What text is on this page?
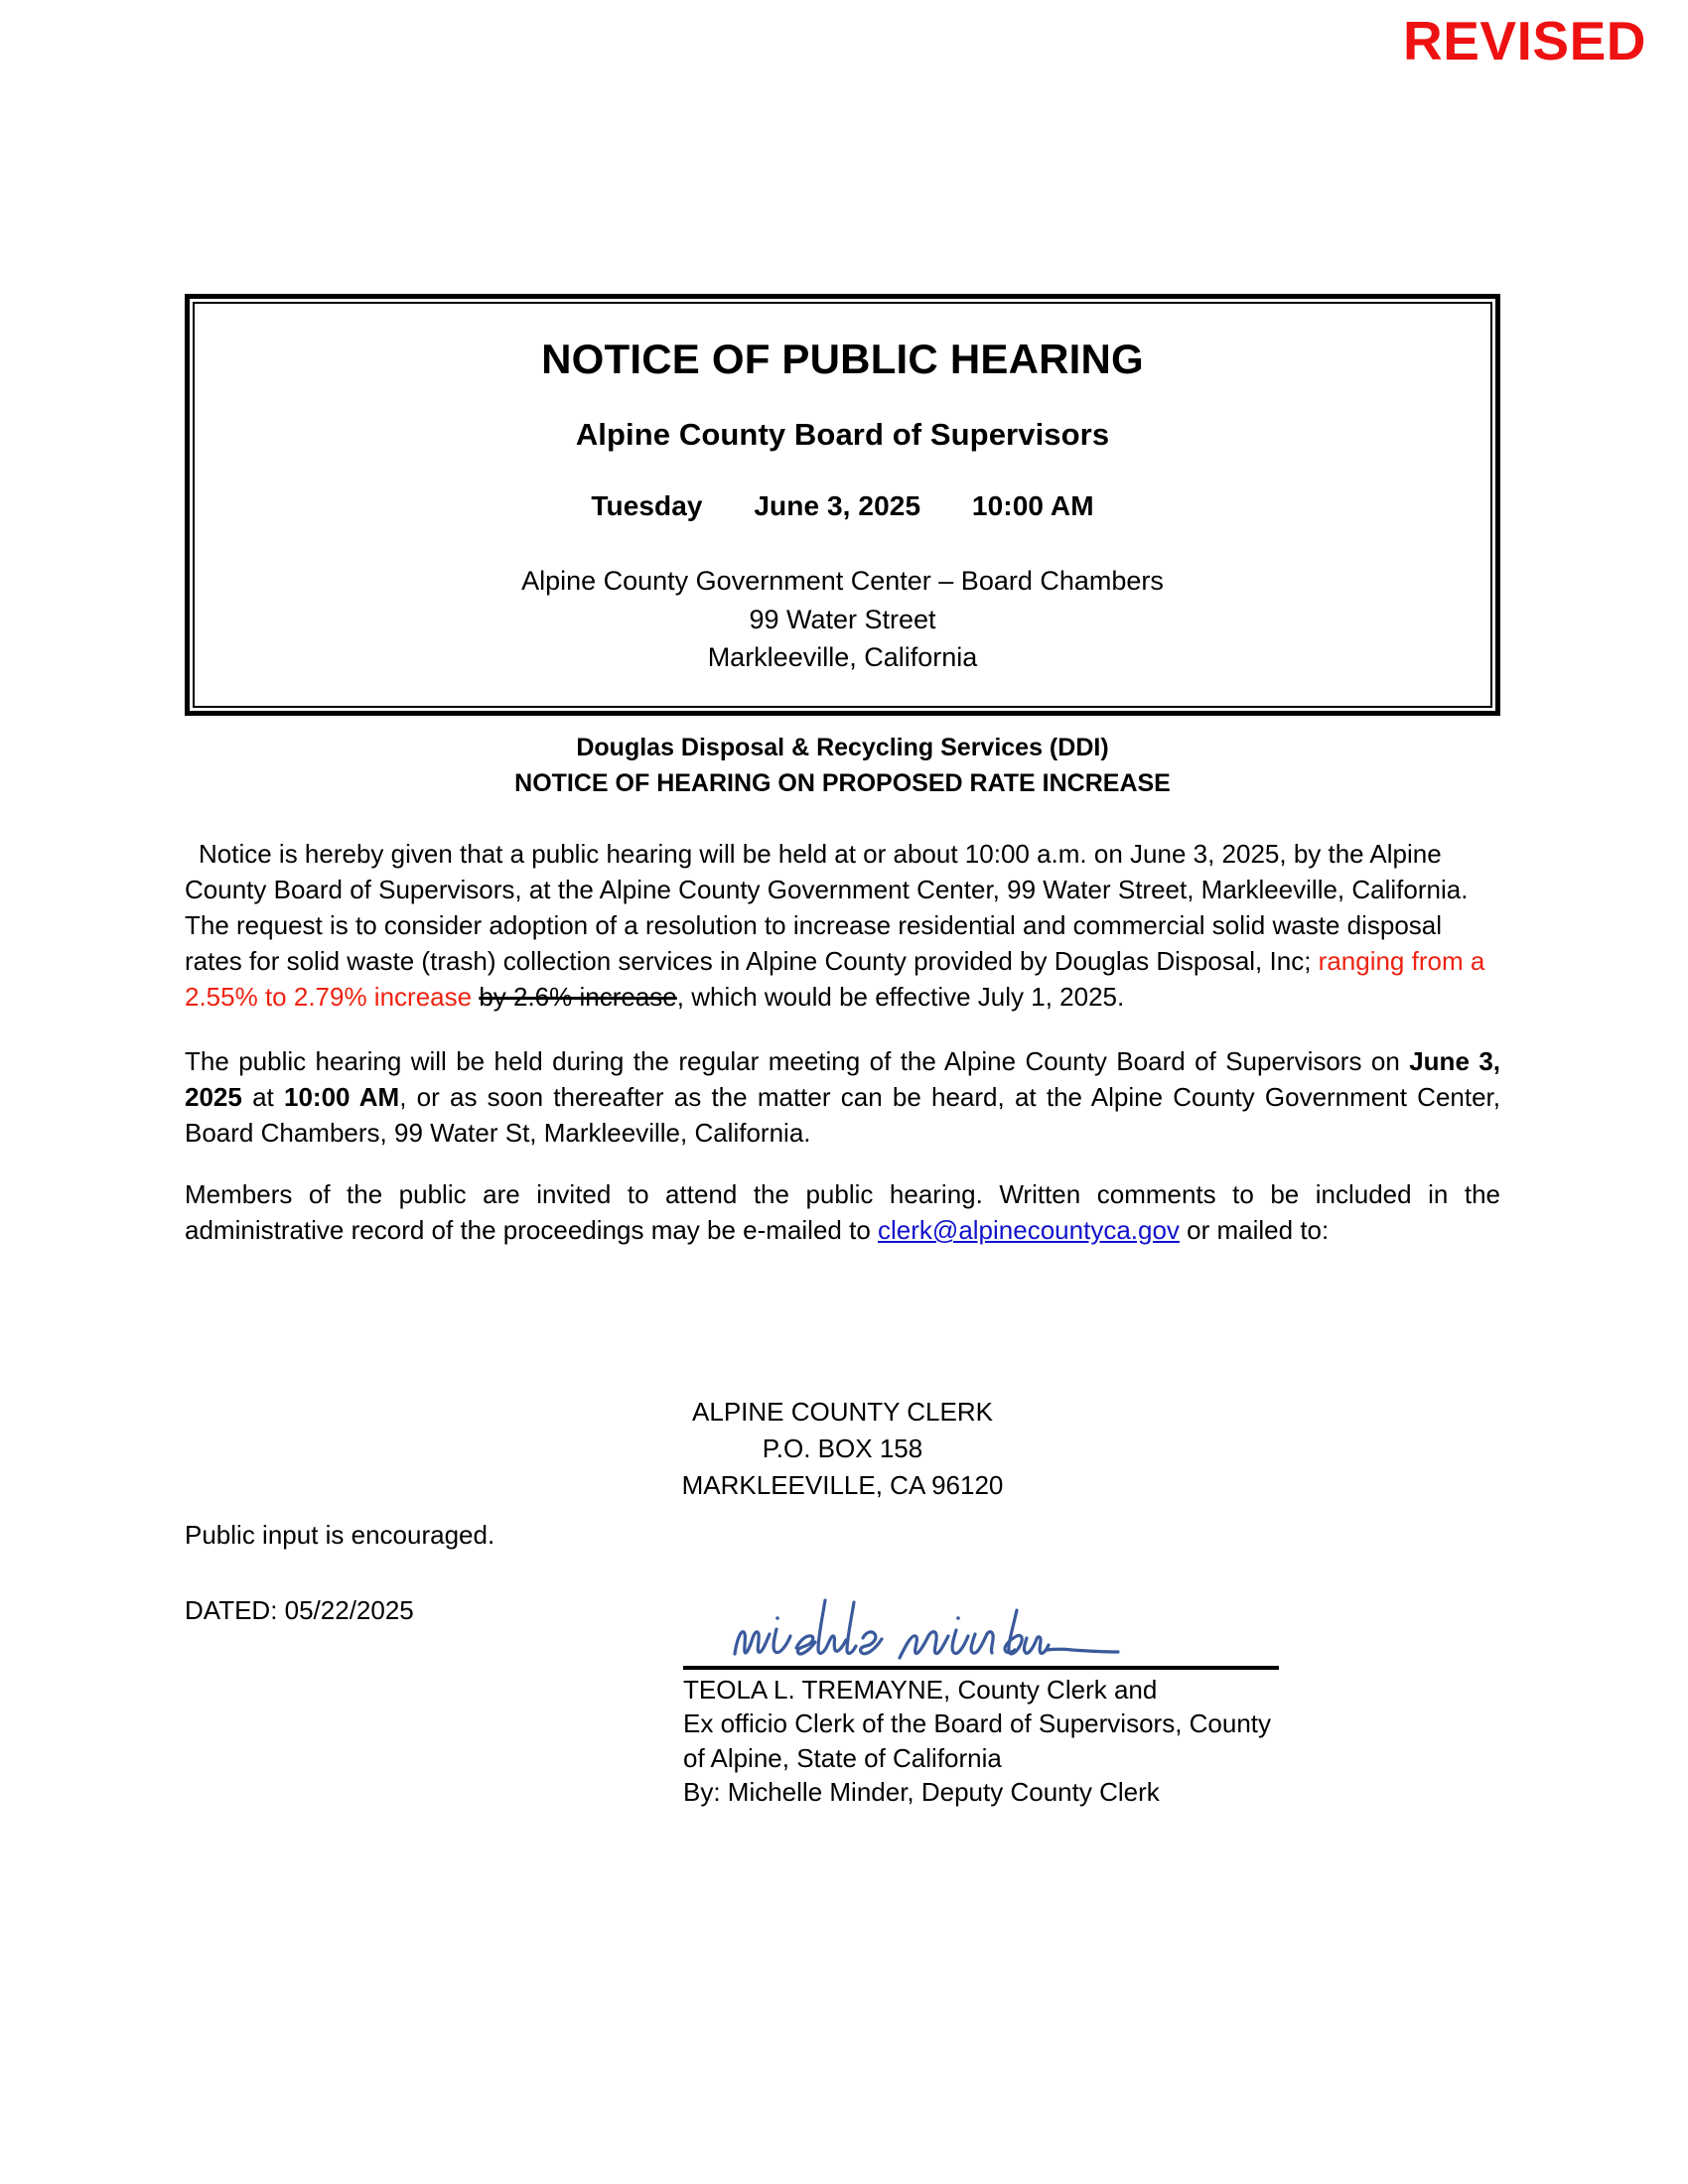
REVISED
NOTICE OF PUBLIC HEARING
Alpine County Board of Supervisors
Tuesday June 3, 2025 10:00 AM
Alpine County Government Center – Board Chambers
99 Water Street
Markleeville, California
Douglas Disposal & Recycling Services (DDI)
NOTICE OF HEARING ON PROPOSED RATE INCREASE

Notice is hereby given that a public hearing will be held at or about 10:00 a.m. on June 3, 2025, by the Alpine County Board of Supervisors, at the Alpine County Government Center, 99 Water Street, Markleeville, California. The request is to consider adoption of a resolution to increase residential and commercial solid waste disposal rates for solid waste (trash) collection services in Alpine County provided by Douglas Disposal, Inc; ranging from a 2.55% to 2.79% increase by 2.6% increase, which would be effective July 1, 2025.

The public hearing will be held during the regular meeting of the Alpine County Board of Supervisors on June 3, 2025 at 10:00 AM, or as soon thereafter as the matter can be heard, at the Alpine County Government Center, Board Chambers, 99 Water St, Markleeville, California.

Members of the public are invited to attend the public hearing. Written comments to be included in the administrative record of the proceedings may be e-mailed to clerk@alpinecountyca.gov or mailed to:

ALPINE COUNTY CLERK
P.O. BOX 158
MARKLEEVILLE, CA 96120
Public input is encouraged.
DATED: 05/22/2025
TEOLA L. TREMAYNE, County Clerk and
Ex officio Clerk of the Board of Supervisors, County
of Alpine, State of California
By: Michelle Minder, Deputy County Clerk
